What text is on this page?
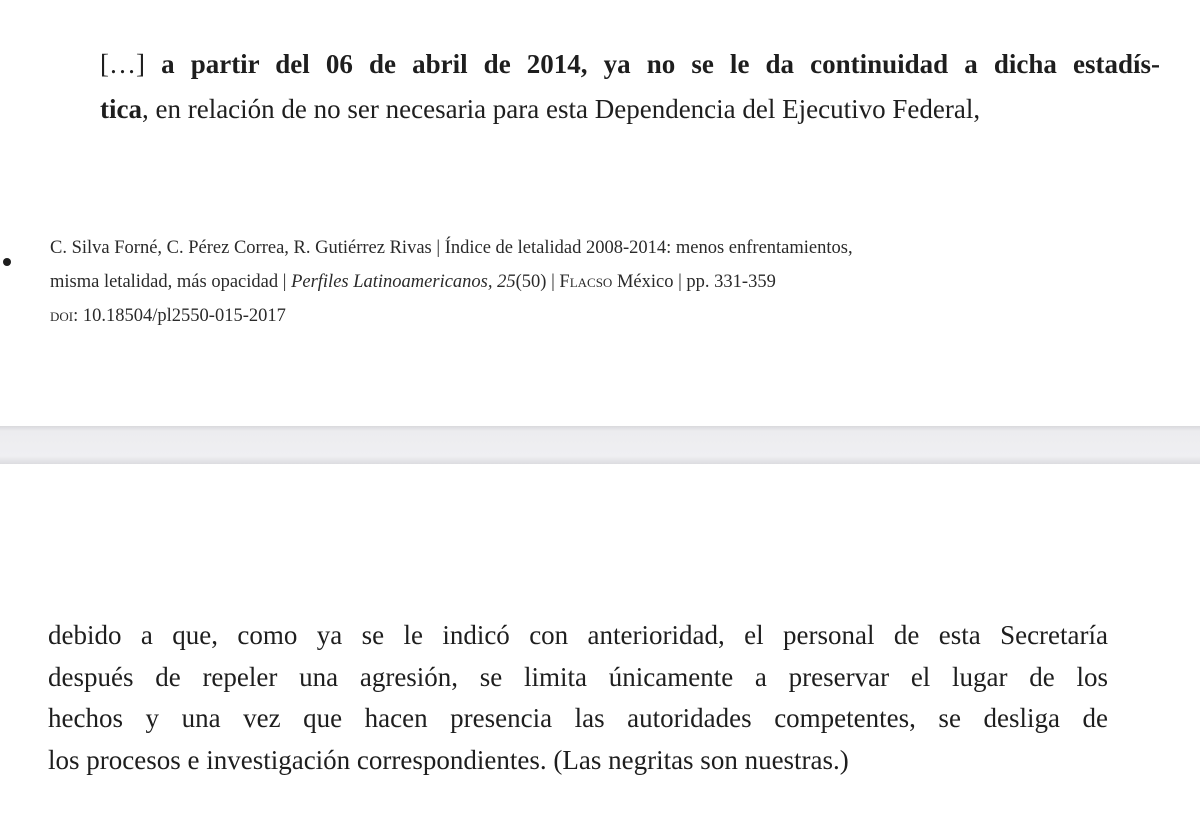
[…] a partir del 06 de abril de 2014, ya no se le da continuidad a dicha estadís-
tica, en relación de no ser necesaria para esta Dependencia del Ejecutivo Federal,
C. Silva Forné, C. Pérez Correa, R. Gutiérrez Rivas | Índice de letalidad 2008-2014: menos enfrentamientos,
misma letalidad, más opacidad | Perfiles Latinoamericanos, 25(50) | Flacso México | pp. 331-359
doi: 10.18504/pl2550-015-2017
debido a que, como ya se le indicó con anterioridad, el personal de esta Secretaría
después de repeler una agresión, se limita únicamente a preservar el lugar de los
hechos y una vez que hacen presencia las autoridades competentes, se desliga de
los procesos e investigación correspondientes. (Las negritas son nuestras.)
